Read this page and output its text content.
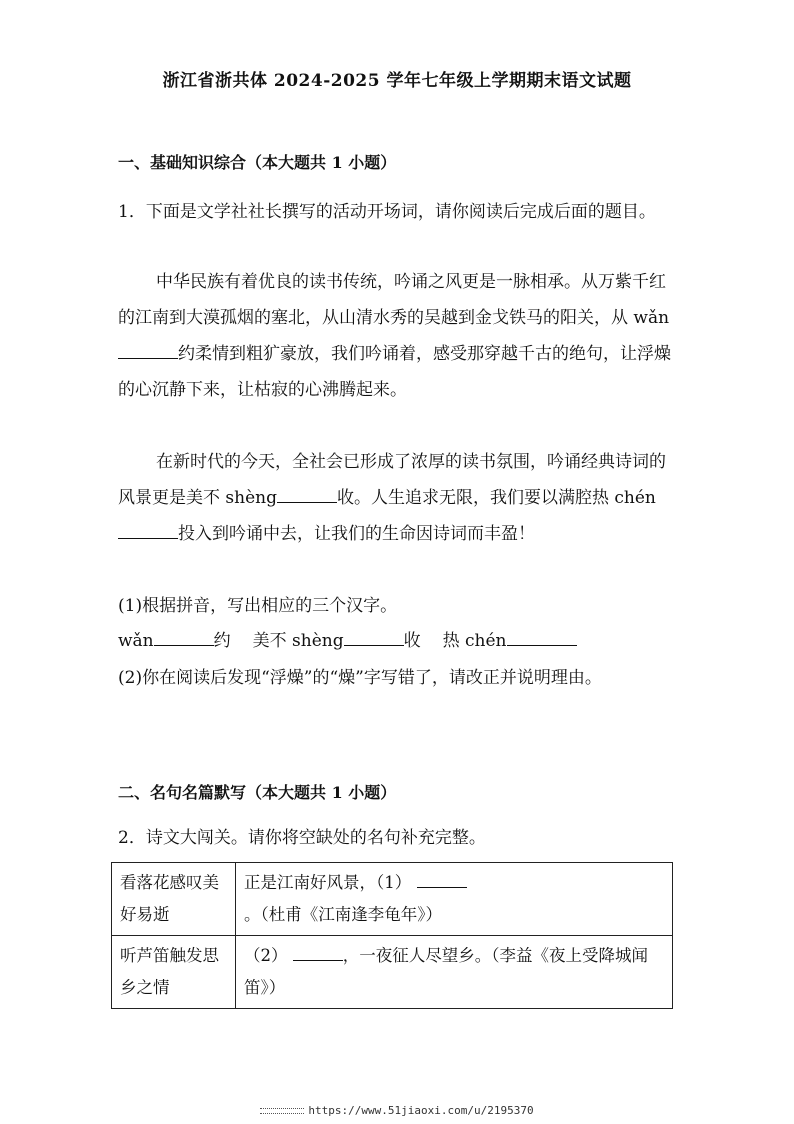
浙江省浙共体 2024-2025 学年七年级上学期期末语文试题
一、基础知识综合（本大题共 1 小题）
1．下面是文学社社长撰写的活动开场词，请你阅读后完成后面的题目。
中华民族有着优良的读书传统，吟诵之风更是一脉相承。从万紫千红的江南到大漠孤烟的塞北，从山清水秀的吴越到金戈铁马的阳关，从 wǎn约柔情到粗犷豪放，我们吟诵着，感受那穿越千古的绝句，让浮燥的心沉静下来，让枯寂的心沸腾起来。
在新时代的今天，全社会已形成了浓厚的读书氛围，吟诵经典诗词的风景更是美不 shèng	收。人生追求无限，我们要以满腔热 chén投入到吟诵中去，让我们的生命因诗词而丰盈！
(1)根据拼音，写出相应的三个汉字。
wǎn	约 美不 shèng	收 热 chén
(2)你在阅读后发现“浮燥”的“燥”字写错了，请改正并说明理由。
二、名句名篇默写（本大题共 1 小题）
2．诗文大闯关。请你将空缺处的名句补充完整。
看落花感叹美好易逝	正是江南好风景，（1） 。（杜甫《江南逢李龟年》）
听芦笛触发思乡之情	（2） ，一夜征人尽望乡。（李益《夜上受降城闻笛》）
https://www.51jiaoxi.com/u/2195370
